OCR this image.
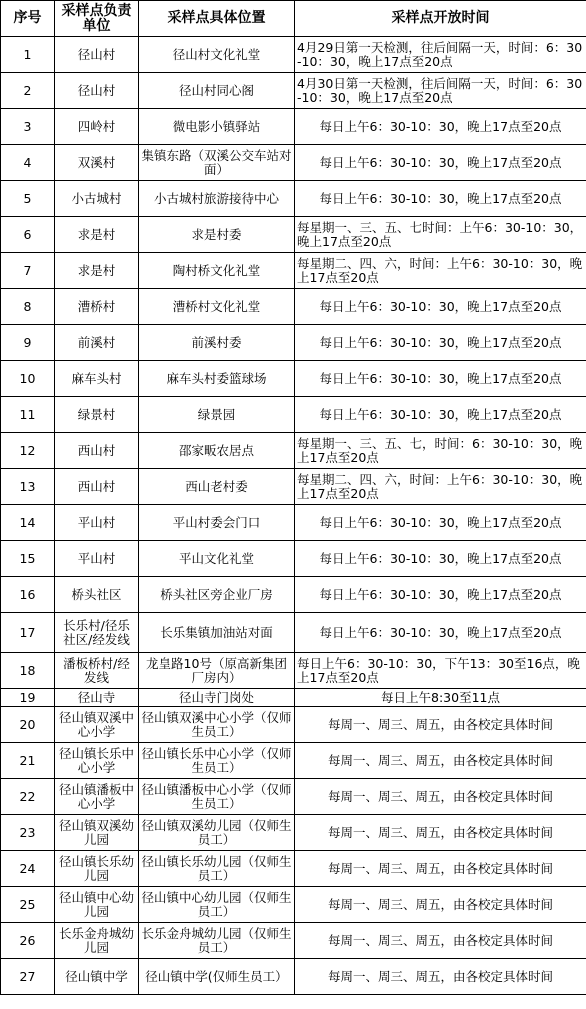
序号	采样点负责单位	采样点具体位置	采样点开放时间
1	径山村	径山村文化礼堂	4月29日第一天检测，往后间隔一天，时间：6：30-10：30，晚上17点至20点
2	径山村	径山村同心阁	4月30日第一天检测，往后间隔一天，时间：6：30-10：30，晚上17点至20点
3	四岭村	微电影小镇驿站	每日上午6：30-10：30，晚上17点至20点
4	双溪村	集镇东路（双溪公交车站对面）	每日上午6：30-10：30，晚上17点至20点
5	小古城村	小古城村旅游接待中心	每日上午6：30-10：30，晚上17点至20点
6	求是村	求是村委	每星期一、三、五、七时间：上午6：30-10：30，晚上17点至20点
7	求是村	陶村桥文化礼堂	每星期二、四、六，时间：上午6：30-10：30，晚上17点至20点
8	漕桥村	漕桥村文化礼堂	每日上午6：30-10：30，晚上17点至20点
9	前溪村	前溪村委	每日上午6：30-10：30，晚上17点至20点
10	麻车头村	麻车头村委篮球场	每日上午6：30-10：30，晚上17点至20点
11	绿景村	绿景园	每日上午6：30-10：30，晚上17点至20点
12	西山村	邵家畈农居点	每星期一、三、五、七，时间：6：30-10：30，晚上17点至20点
13	西山村	西山老村委	每星期二、四、六，时间：上午6：30-10：30，晚上17点至20点
14	平山村	平山村委会门口	每日上午6：30-10：30，晚上17点至20点
15	平山村	平山文化礼堂	每日上午6：30-10：30，晚上17点至20点
16	桥头社区	桥头社区旁企业厂房	每日上午6：30-10：30，晚上17点至20点
17	长乐村/径乐社区/经发线	长乐集镇加油站对面	每日上午6：30-10：30，晚上17点至20点
18	潘板桥村/经发线	龙皇路10号（原高新集团厂房内）	每日上午6：30-10：30，下午13：30至16点，晚上17点至20点
19	径山寺	径山寺门岗处	每日上午8:30至11点
20	径山镇双溪中心小学	径山镇双溪中心小学（仅师生员工）	每周一、周三、周五，由各校定具体时间
21	径山镇长乐中心小学	径山镇长乐中心小学（仅师生员工）	每周一、周三、周五，由各校定具体时间
22	径山镇潘板中心小学	径山镇潘板中心小学（仅师生员工）	每周一、周三、周五，由各校定具体时间
23	径山镇双溪幼儿园	径山镇双溪幼儿园（仅师生员工）	每周一、周三、周五，由各校定具体时间
24	径山镇长乐幼儿园	径山镇长乐幼儿园（仅师生员工）	每周一、周三、周五，由各校定具体时间
25	径山镇中心幼儿园	径山镇中心幼儿园（仅师生员工）	每周一、周三、周五，由各校定具体时间
26	长乐金舟城幼儿园	长乐金舟城幼儿园（仅师生员工）	每周一、周三、周五，由各校定具体时间
27	径山镇中学	径山镇中学(仅师生员工）	每周一、周三、周五，由各校定具体时间
